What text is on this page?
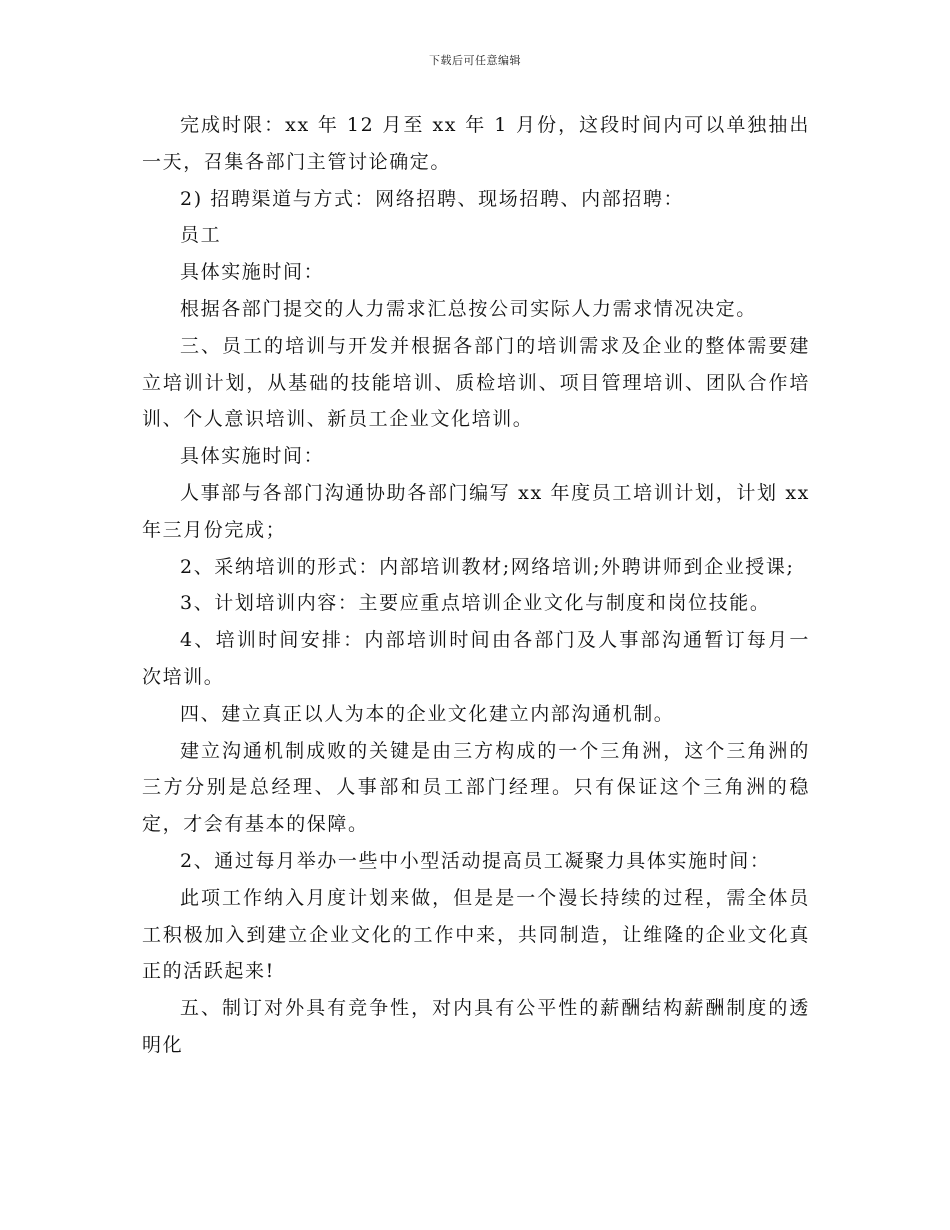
下载后可任意编辑

完成时限：xx 年 12 月至 xx 年 1 月份，这段时间内可以单独抽出一天，召集各部门主管讨论确定。

2) 招聘渠道与方式：网络招聘、现场招聘、内部招聘：

员工

具体实施时间：

根据各部门提交的人力需求汇总按公司实际人力需求情况决定。

三、员工的培训与开发并根据各部门的培训需求及企业的整体需要建立培训计划，从基础的技能培训、质检培训、项目管理培训、团队合作培训、个人意识培训、新员工企业文化培训。

具体实施时间：

人事部与各部门沟通协助各部门编写 xx 年度员工培训计划，计划 xx 年三月份完成；

2、采纳培训的形式：内部培训教材;网络培训;外聘讲师到企业授课;

3、计划培训内容：主要应重点培训企业文化与制度和岗位技能。

4、培训时间安排：内部培训时间由各部门及人事部沟通暂订每月一次培训。

四、建立真正以人为本的企业文化建立内部沟通机制。

建立沟通机制成败的关键是由三方构成的一个三角洲，这个三角洲的三方分别是总经理、人事部和员工部门经理。只有保证这个三角洲的稳定，才会有基本的保障。

2、通过每月举办一些中小型活动提高员工凝聚力具体实施时间：

此项工作纳入月度计划来做，但是是一个漫长持续的过程，需全体员工积极加入到建立企业文化的工作中来，共同制造，让维隆的企业文化真正的活跃起来!

五、制订对外具有竞争性，对内具有公平性的薪酬结构薪酬制度的透明化
